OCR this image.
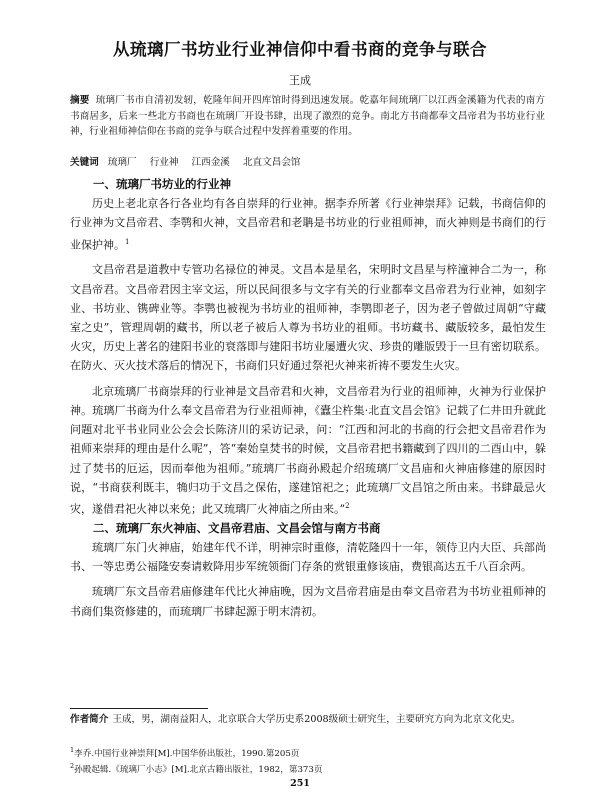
从琉璃厂书坊业行业神信仰中看书商的竞争与联合
王成
摘要 琉璃厂书市自清初发轫，乾隆年间开四库馆时得到迅速发展。乾嘉年间琉璃厂以江西金溪籍为代表的南方书商居多，后来一些北方书商也在琉璃厂开设书肆，出现了激烈的竞争。南北方书商都奉文昌帝君为书坊业行业神，行业祖师神信仰在书商的竞争与联合过程中发挥着重要的作用。
关键词 琉璃厂 行业神 江西金溪 北直文昌会馆
一、琉璃厂书坊业的行业神

历史上老北京各行各业均有各自崇拜的行业神。据李乔所著《行业神崇拜》记载，书商信仰的行业神为文昌帝君、李鹗和火神，文昌帝君和老聃是书坊业的行业祖师神，而火神则是书商们的行业保护神。$^1$

文昌帝君是道教中专管功名禄位的神灵。文昌本是星名，宋明时文昌星与梓潼神合二为一，称文昌帝君。文昌帝君因主宰文运，所以民间很多与文字有关的行业都奉文昌帝君为行业神，如刻字业、书坊业、镌碑业等。李鹗也被视为书坊业的祖师神，李鹗即老子，因为老子曾做过周朝“守藏室之史”，管理周朝的藏书，所以老子被后人尊为书坊业的祖师。书坊藏书、藏版较多，最怕发生火灾，历史上著名的建阳书业的衰落即与建阳书坊业屡遭火灾、珍贵的雕版毁于一旦有密切联系。在防火、灭火技术落后的情况下，书商们只好通过祭祀火神来祈祷不要发生火灾。

北京琉璃厂书商崇拜的行业神是文昌帝君和火神，文昌帝君为行业的祖师神，火神为行业保护神。琉璃厂书商为什么奉文昌帝君为行业祖师神，《蠹尘杵集·北直文昌会馆》记载了仁井田升就此问题对北平书业同业公会会长陈济川的采访记录，问：“江西和河北的书商的行会把文昌帝君作为祖师来崇拜的理由是什么呢”，答“秦始皇焚书的时候，文昌帝君把书籍藏到了四川的二酉山中，躲过了焚书的厄运，因而奉他为祖师。”琉璃厂书商孙殿起介绍琉璃厂文昌庙和火神庙修建的原因时说，“书商获利既丰，觕归功于文昌之保佑，遂建馆祀之；此琉璃厂文昌馆之所由来。书肆最忌火灾，遂借君祀火神以来免；此又琉璃厂火神庙之所由来。”$^2$

二、琉璃厂东火神庙、文昌帝君庙、文昌会馆与南方书商

琉璃厂东门火神庙，始建年代不详，明神宗时重修，清乾隆四十一年，领侍卫内大臣、兵部尚书、一等忠勇公福隆安奏请敕降用步军统领衙门存条的赏银重修该庙，费银高达五千八百余两。

琉璃厂东文昌帝君庙修建年代比火神庙晚，因为文昌帝君庙是由奉文昌帝君为书坊业祖师神的书商们集资修建的，而琉璃厂书肆起源于明末清初。

作者简介 王成，男，湖南益阳人，北京联合大学历史系2008级硕士研究生，主要研究方向为北京文化史。
$^1$李乔.中国行业神崇拜[M].中国华侨出版社，1990.第205页
$^2$孙殿起辑.《琉璃厂小志》[M].北京古籍出版社，1982，第373页
251
